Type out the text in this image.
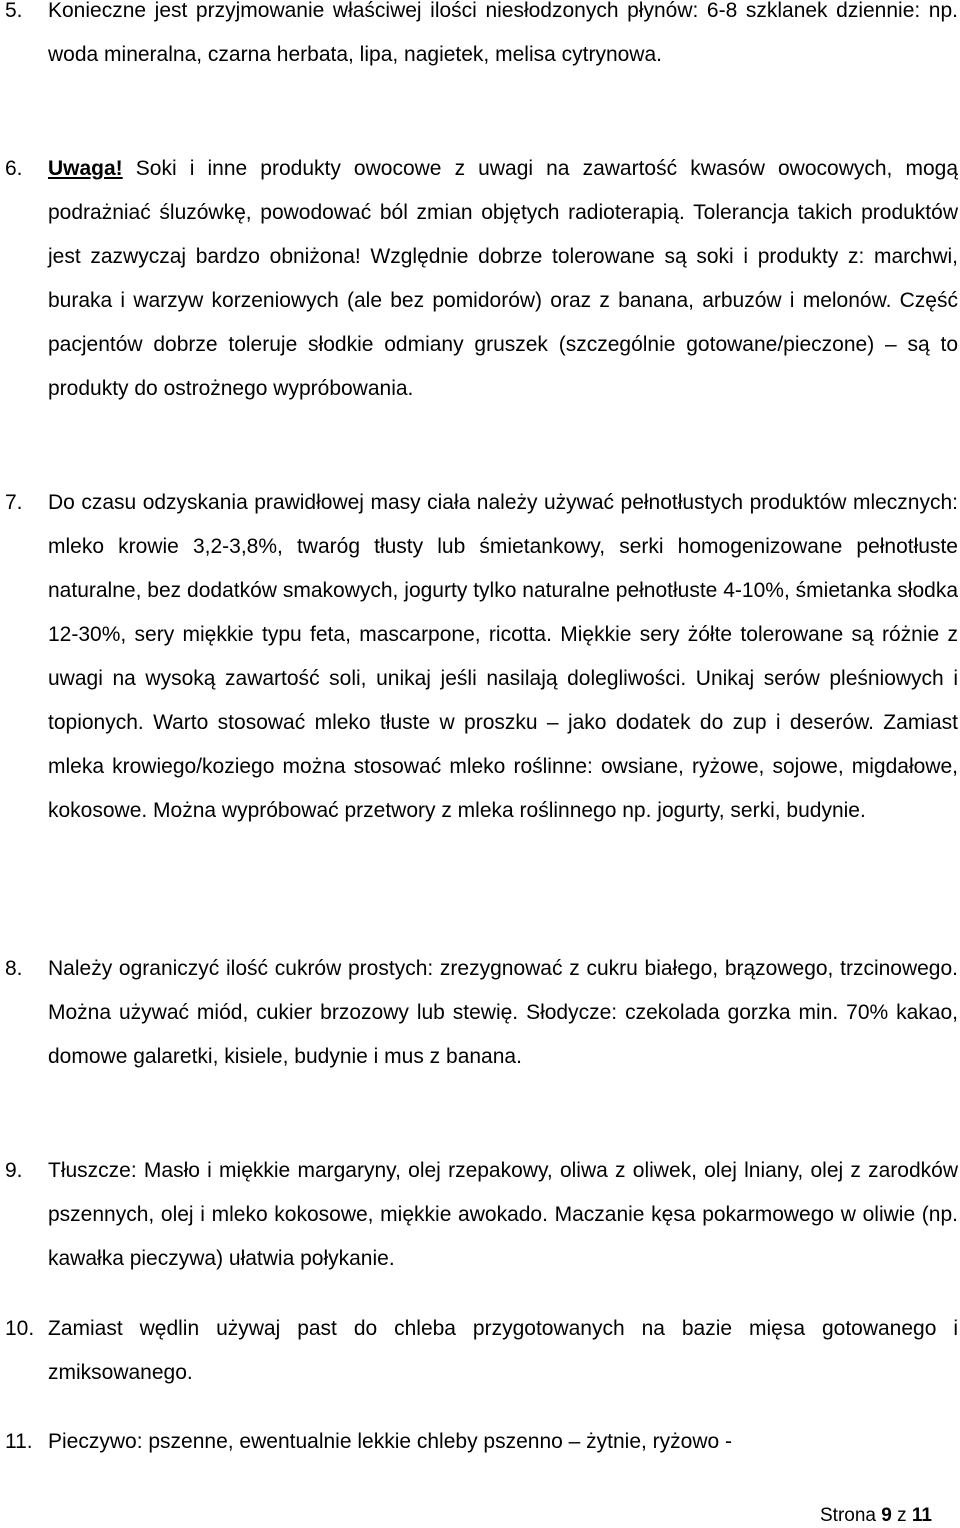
5. Konieczne jest przyjmowanie właściwej ilości niesłodzonych płynów: 6-8 szklanek dziennie: np. woda mineralna, czarna herbata, lipa, nagietek, melisa cytrynowa.
6. Uwaga! Soki i inne produkty owocowe z uwagi na zawartość kwasów owocowych, mogą podrażniać śluzówkę, powodować ból zmian objętych radioterapią. Tolerancja takich produktów jest zazwyczaj bardzo obniżona! Względnie dobrze tolerowane są soki i produkty z: marchwi, buraka i warzyw korzeniowych (ale bez pomidorów) oraz z banana, arbuzów i melonów. Część pacjentów dobrze toleruje słodkie odmiany gruszek (szczególnie gotowane/pieczone) – są to produkty do ostrożnego wypróbowania.
7. Do czasu odzyskania prawidłowej masy ciała należy używać pełnotłustych produktów mlecznych: mleko krowie 3,2-3,8%, twaróg tłusty lub śmietankowy, serki homogenizowane pełnotłuste naturalne, bez dodatków smakowych, jogurty tylko naturalne pełnotłuste 4-10%, śmietanka słodka 12-30%, sery miękkie typu feta, mascarpone, ricotta. Miękkie sery żółte tolerowane są różnie z uwagi na wysoką zawartość soli, unikaj jeśli nasilają dolegliwości. Unikaj serów pleśniowych i topionych. Warto stosować mleko tłuste w proszku – jako dodatek do zup i deserów. Zamiast mleka krowiego/koziego można stosować mleko roślinne: owsiane, ryżowe, sojowe, migdałowe, kokosowe. Można wypróbować przetwory z mleka roślinnego np. jogurty, serki, budynie.
8. Należy ograniczyć ilość cukrów prostych: zrezygnować z cukru białego, brązowego, trzcinowego. Można używać miód, cukier brzozowy lub stewię. Słodycze: czekolada gorzka min. 70% kakao, domowe galaretki, kisiele, budynie i mus z banana.
9. Tłuszcze: Masło i miękkie margaryny, olej rzepakowy, oliwa z oliwek, olej lniany, olej z zarodków pszennych, olej i mleko kokosowe, miękkie awokado. Maczanie kęsa pokarmowego w oliwie (np. kawałka pieczywa) ułatwia połykanie.
10. Zamiast wędlin używaj past do chleba przygotowanych na bazie mięsa gotowanego i zmiksowanego.
11. Pieczywo: pszenne, ewentualnie lekkie chleby pszenno – żytnie, ryżowo -
Strona 9 z 11
